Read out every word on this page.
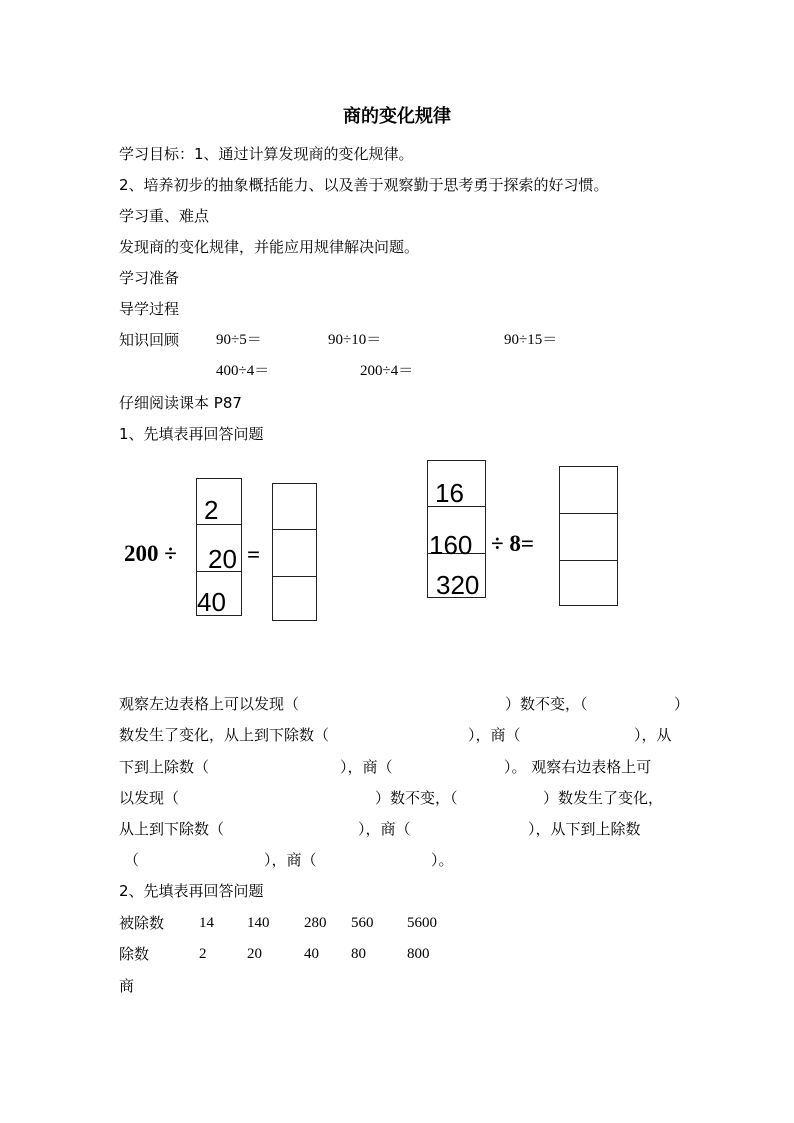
商的变化规律
学习目标：1、通过计算发现商的变化规律。
2、培养初步的抽象概括能力、以及善于观察勤于思考勇于探索的好习惯。
学习重、难点
发现商的变化规律，并能应用规律解决问题。
学习准备
导学过程
知识回顾 90÷5＝	90÷10＝	90÷15＝
400÷4＝	200÷4＝
仔细阅读课本 P87
1、先填表再回答问题
200 ÷
2
20
40
=
16
160
320
÷ 8=
观察左边表格上可以发现（	）数不变，（	）
数发生了变化，从上到下除数（	），商（	），从
下到上除数（	），商（	）。 观察右边表格上可
以发现（	）数不变，（	）数发生了变化，
从上到下除数（	），商（	），从下到上除数
（	），商（	）。
2、先填表再回答问题
被除数 14 140 280 560 5600
除数	2	20	40 80	800
商
